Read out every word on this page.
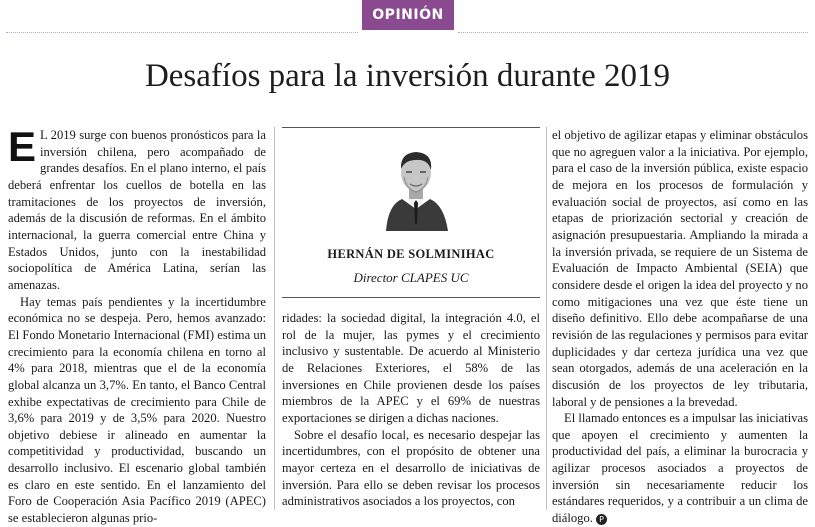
OPINIÓN
Desafíos para la inversión durante 2019

E L 2019 surge con buenos pronósticos para la inversión chilena, pero acompañado de grandes desafíos. En el plano interno, el país deberá enfrentar los cuellos de botella en las tramitaciones de los proyectos de inversión, además de la discusión de reformas. En el ámbito internacional, la guerra comercial entre China y Estados Unidos, junto con la inestabilidad sociopolítica de América Latina, serían las amenazas.

Hay temas país pendientes y la incertidumbre económica no se despeja. Pero, hemos avanzado: El Fondo Monetario Internacional (FMI) estima un crecimiento para la economía chilena en torno al 4% para 2018, mientras que el de la economía global alcanza un 3,7%. En tanto, el Banco Central exhibe expectativas de crecimiento para Chile de 3,6% para 2019 y de 3,5% para 2020. Nuestro objetivo debiese ir alineado en aumentar la competitividad y productividad, buscando un desarrollo inclusivo. El escenario global también es claro en este sentido. En el lanzamiento del Foro de Cooperación Asia Pacífico 2019 (APEC) se establecieron algunas prio-

HERNÁN DE SOLMINIHAC
Director CLAPES UC

ridades: la sociedad digital, la integración 4.0, el rol de la mujer, las pymes y el crecimiento inclusivo y sustentable. De acuerdo al Ministerio de Relaciones Exteriores, el 58% de las inversiones en Chile provienen desde los países miembros de la APEC y el 69% de nuestras exportaciones se dirigen a dichas naciones.

Sobre el desafío local, es necesario despejar las incertidumbres, con el propósito de obtener una mayor certeza en el desarrollo de iniciativas de inversión. Para ello se deben revisar los procesos administrativos asociados a los proyectos, con

el objetivo de agilizar etapas y eliminar obstáculos que no agreguen valor a la iniciativa. Por ejemplo, para el caso de la inversión pública, existe espacio de mejora en los procesos de formulación y evaluación social de proyectos, así como en las etapas de priorización sectorial y creación de asignación presupuestaria. Ampliando la mirada a la inversión privada, se requiere de un Sistema de Evaluación de Impacto Ambiental (SEIA) que considere desde el origen la idea del proyecto y no como mitigaciones una vez que éste tiene un diseño definitivo. Ello debe acompañarse de una revisión de las regulaciones y permisos para evitar duplicidades y dar certeza jurídica una vez que sean otorgados, además de una aceleración en la discusión de los proyectos de ley tributaria, laboral y de pensiones a la brevedad.

El llamado entonces es a impulsar las iniciativas que apoyen el crecimiento y aumenten la productividad del país, a eliminar la burocracia y agilizar procesos asociados a proyectos de inversión sin necesariamente reducir los estándares requeridos, y a contribuir a un clima de diálogo. P
